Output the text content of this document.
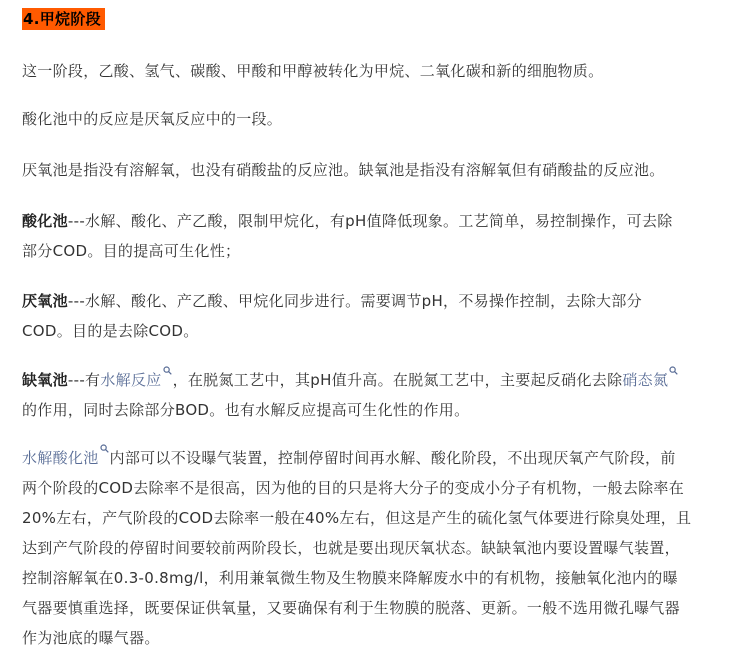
4.甲烷阶段

这一阶段，乙酸、氢气、碳酸、甲酸和甲醇被转化为甲烷、二氧化碳和新的细胞物质。

酸化池中的反应是厌氧反应中的一段。

厌氧池是指没有溶解氧，也没有硝酸盐的反应池。缺氧池是指没有溶解氧但有硝酸盐的反应池。

酸化池---水解、酸化、产乙酸，限制甲烷化，有pH值降低现象。工艺简单，易控制操作，可去除
部分COD。目的提高可生化性；
厌氧池---水解、酸化、产乙酸、甲烷化同步进行。需要调节pH，不易操作控制，去除大部分
COD。目的是去除COD。
缺氧池---有水解反应 ，在脱氮工艺中，其pH值升高。在脱氮工艺中，主要起反硝化去除硝态氮

的作用，同时去除部分BOD。也有水解反应提高可生化性的作用。
水解酸化池 内部可以不设曝气装置，控制停留时间再水解、酸化阶段，不出现厌氧产气阶段，前
两个阶段的COD去除率不是很高，因为他的目的只是将大分子的变成小分子有机物，一般去除率在
20%左右，产气阶段的COD去除率一般在40%左右，但这是产生的硫化氢气体要进行除臭处理，且
达到产气阶段的停留时间要较前两阶段长，也就是要出现厌氧状态。缺缺氧池内要设置曝气装置，
控制溶解氧在0.3-0.8mg/l，利用兼氧微生物及生物膜来降解废水中的有机物，接触氧化池内的曝
气器要慎重选择，既要保证供氧量，又要确保有利于生物膜的脱落、更新。一般不选用微孔曝气器
作为池底的曝气器。
